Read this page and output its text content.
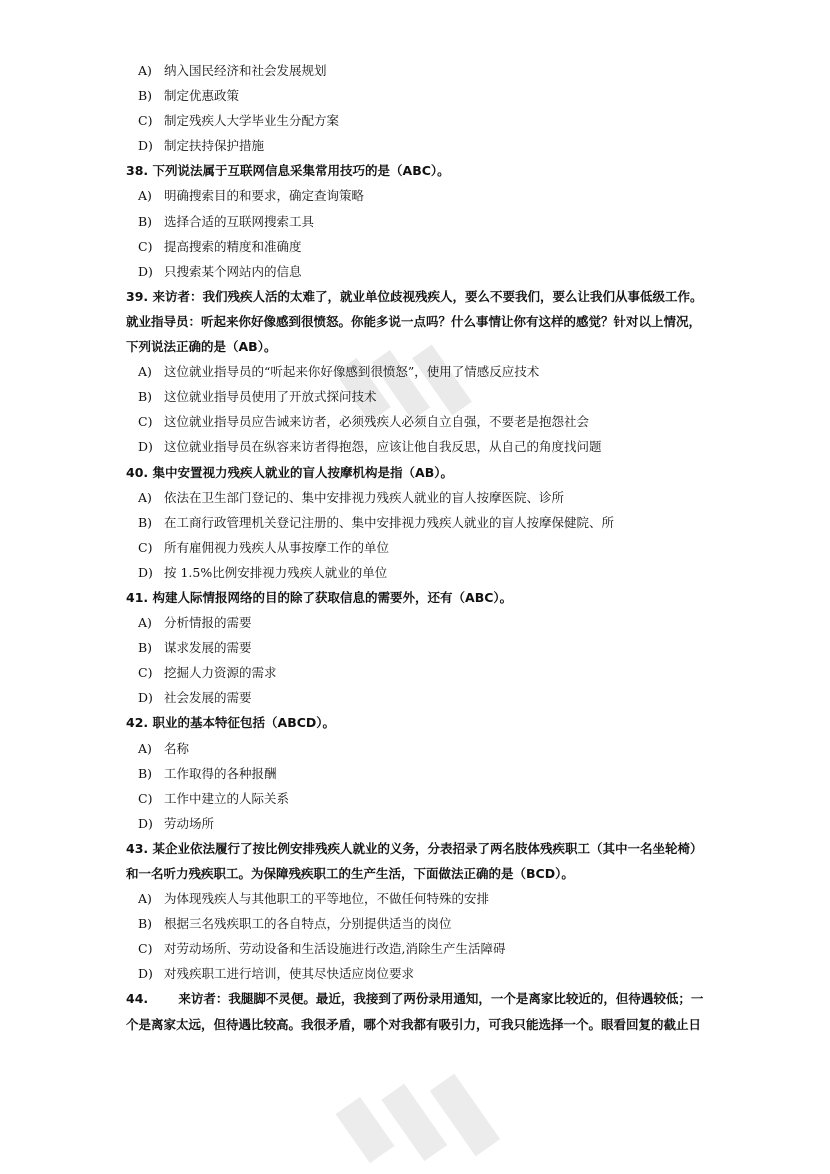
A) 纳入国民经济和社会发展规划
B) 制定优惠政策
C) 制定残疾人大学毕业生分配方案
D) 制定扶持保护措施
38. 下列说法属于互联网信息采集常用技巧的是（ABC）。
A) 明确搜索目的和要求，确定查询策略
B) 选择合适的互联网搜索工具
C) 提高搜索的精度和准确度
D) 只搜索某个网站内的信息
39. 来访者：我们残疾人活的太难了，就业单位歧视残疾人，要么不要我们，要么让我们从事低级工作。
就业指导员：听起来你好像感到很愤怒。你能多说一点吗？什么事情让你有这样的感觉？针对以上情况，
下列说法正确的是（AB）。
A) 这位就业指导员的“听起来你好像感到很愤怒”，使用了情感反应技术
B) 这位就业指导员使用了开放式探问技术
C) 这位就业指导员应告诫来访者，必须残疾人必须自立自强，不要老是抱怨社会
D) 这位就业指导员在纵容来访者得抱怨，应该让他自我反思，从自己的角度找问题
40. 集中安置视力残疾人就业的盲人按摩机构是指（AB）。
A) 依法在卫生部门登记的、集中安排视力残疾人就业的盲人按摩医院、诊所
B) 在工商行政管理机关登记注册的、集中安排视力残疾人就业的盲人按摩保健院、所
C) 所有雇佣视力残疾人从事按摩工作的单位
D) 按 1.5%比例安排视力残疾人就业的单位
41. 构建人际情报网络的目的除了获取信息的需要外，还有（ABC）。
A) 分析情报的需要
B) 谋求发展的需要
C) 挖掘人力资源的需求
D) 社会发展的需要
42. 职业的基本特征包括（ABCD）。
A) 名称
B) 工作取得的各种报酬
C) 工作中建立的人际关系
D) 劳动场所
43. 某企业依法履行了按比例安排残疾人就业的义务，分表招录了两名肢体残疾职工（其中一名坐轮椅）
和一名听力残疾职工。为保障残疾职工的生产生活，下面做法正确的是（BCD）。
A) 为体现残疾人与其他职工的平等地位，不做任何特殊的安排
B) 根据三名残疾职工的各自特点，分别提供适当的岗位
C) 对劳动场所、劳动设备和生活设施进行改造,消除生产生活障碍
D) 对残疾职工进行培训，使其尽快适应岗位要求
44. 来访者：我腿脚不灵便。最近，我接到了两份录用通知，一个是离家比较近的，但待遇较低；一
个是离家太远，但待遇比较高。我很矛盾，哪个对我都有吸引力，可我只能选择一个。眼看回复的截止日
